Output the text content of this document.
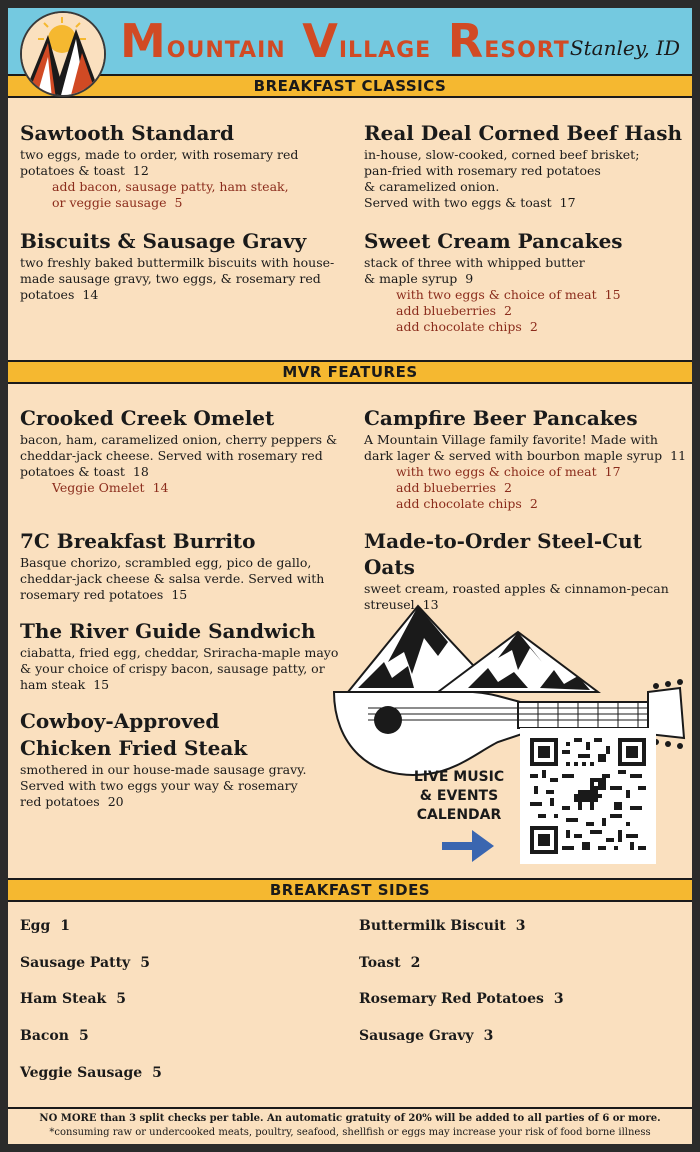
MOUNTAIN VILLAGE RESORT Stanley, ID
BREAKFAST CLASSICS
Sawtooth Standard

two eggs, made to order, with rosemary red potatoes & toast 12

add bacon, sausage patty, ham steak,
or veggie sausage 5
Real Deal Corned Beef Hash

in-house, slow-cooked, corned beef brisket;

pan-fried with rosemary red potatoes

& caramelized onion.

Served with two eggs & toast 17

Biscuits & Sausage Gravy

two freshly baked buttermilk biscuits with house-made sausage gravy, two eggs, & rosemary red potatoes 14

Sweet Cream Pancakes

stack of three with whipped butter

& maple syrup 9

with two eggs & choice of meat 15
add blueberries 2
add chocolate chips 2
MVR FEATURES
Crooked Creek Omelet

bacon, ham, caramelized onion, cherry peppers & cheddar-jack cheese. Served with rosemary red potatoes & toast 18

Veggie Omelet 14
Campfire Beer Pancakes

A Mountain Village family favorite! Made with dark lager & served with bourbon maple syrup 11

with two eggs & choice of meat 17
add blueberries 2
add chocolate chips 2
7C Breakfast Burrito

Basque chorizo, scrambled egg, pico de gallo, cheddar-jack cheese & salsa verde. Served with rosemary red potatoes 15

Made-to-Order Steel-Cut Oats

sweet cream, roasted apples & cinnamon-pecan streusel 13

The River Guide Sandwich

ciabatta, fried egg, cheddar, Sriracha-maple mayo & your choice of crispy bacon, sausage patty, or ham steak 15

Cowboy-Approved
Chicken Fried Steak

smothered in our house-made sausage gravy.

Served with two eggs your way & rosemary

red potatoes 20

LIVE MUSIC
& EVENTS
CALENDAR
BREAKFAST SIDES
Egg 1
Sausage Patty 5
Ham Steak 5
Bacon 5
Veggie Sausage 5
Buttermilk Biscuit 3
Toast 2
Rosemary Red Potatoes 3
Sausage Gravy 3
NO MORE than 3 split checks per table. An automatic gratuity of 20% will be added to all parties of 6 or more.
*consuming raw or undercooked meats, poultry, seafood, shellfish or eggs may increase your risk of food borne illness
